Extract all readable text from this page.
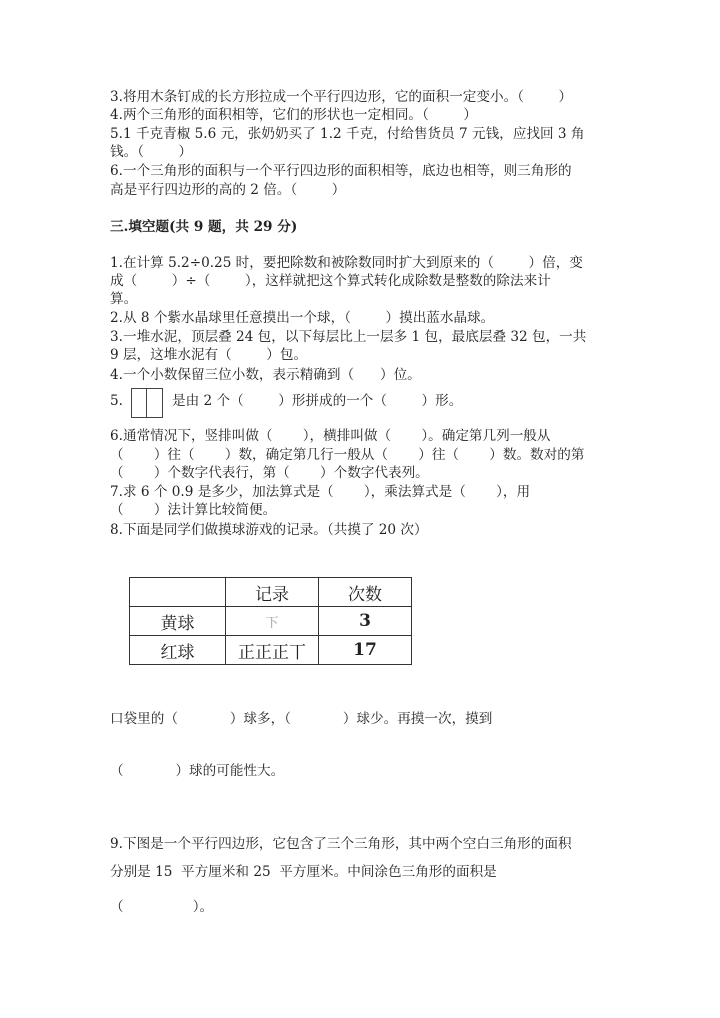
3.将用木条钉成的长方形拉成一个平行四边形，它的面积一定变小。（        ）
4.两个三角形的面积相等，它们的形状也一定相同。（        ）
5.1 千克青椒 5.6 元，张奶奶买了 1.2 千克，付给售货员 7 元钱，应找回 3 角
钱。（        ）
6.一个三角形的面积与一个平行四边形的面积相等，底边也相等，则三角形的
高是平行四边形的高的 2 倍。（        ）
三.填空题(共 9 题，共 29 分)
1.在计算 5.2÷0.25 时，要把除数和被除数同时扩大到原来的（        ）倍，变
成（        ）÷（        ），这样就把这个算式转化成除数是整数的除法来计
算。
2.从 8 个紫水晶球里任意摸出一个球，（        ）摸出蓝水晶球。
3.一堆水泥，顶层叠 24 包，以下每层比上一层多 1 包，最底层叠 32 包，一共
9 层，这堆水泥有（        ）包。
4.一个小数保留三位小数，表示精确到（      ）位。
5.	是由 2 个（        ）形拼成的一个（        ）形。
6.通常情况下，竖排叫做（       ），横排叫做（       ）。确定第几列一般从
（       ）往（       ）数，确定第几行一般从（       ）往（       ）数。数对的第
（       ）个数字代表行，第（       ）个数字代表列。
7.求 6 个 0.9 是多少，加法算式是（       ），乘法算式是（       ），用
（       ）法计算比较简便。
8.下面是同学们做摸球游戏的记录。（共摸了 20 次）
	记录	次数
黄球	下	3
红球	正正正丅	17
口袋里的（            ）球多，（            ）球少。再摸一次，摸到
（            ）球的可能性大。
9.下图是一个平行四边形，它包含了三个三角形，其中两个空白三角形的面积
分别是 15  平方厘米和 25  平方厘米。中间涂色三角形的面积是
（                ）。
